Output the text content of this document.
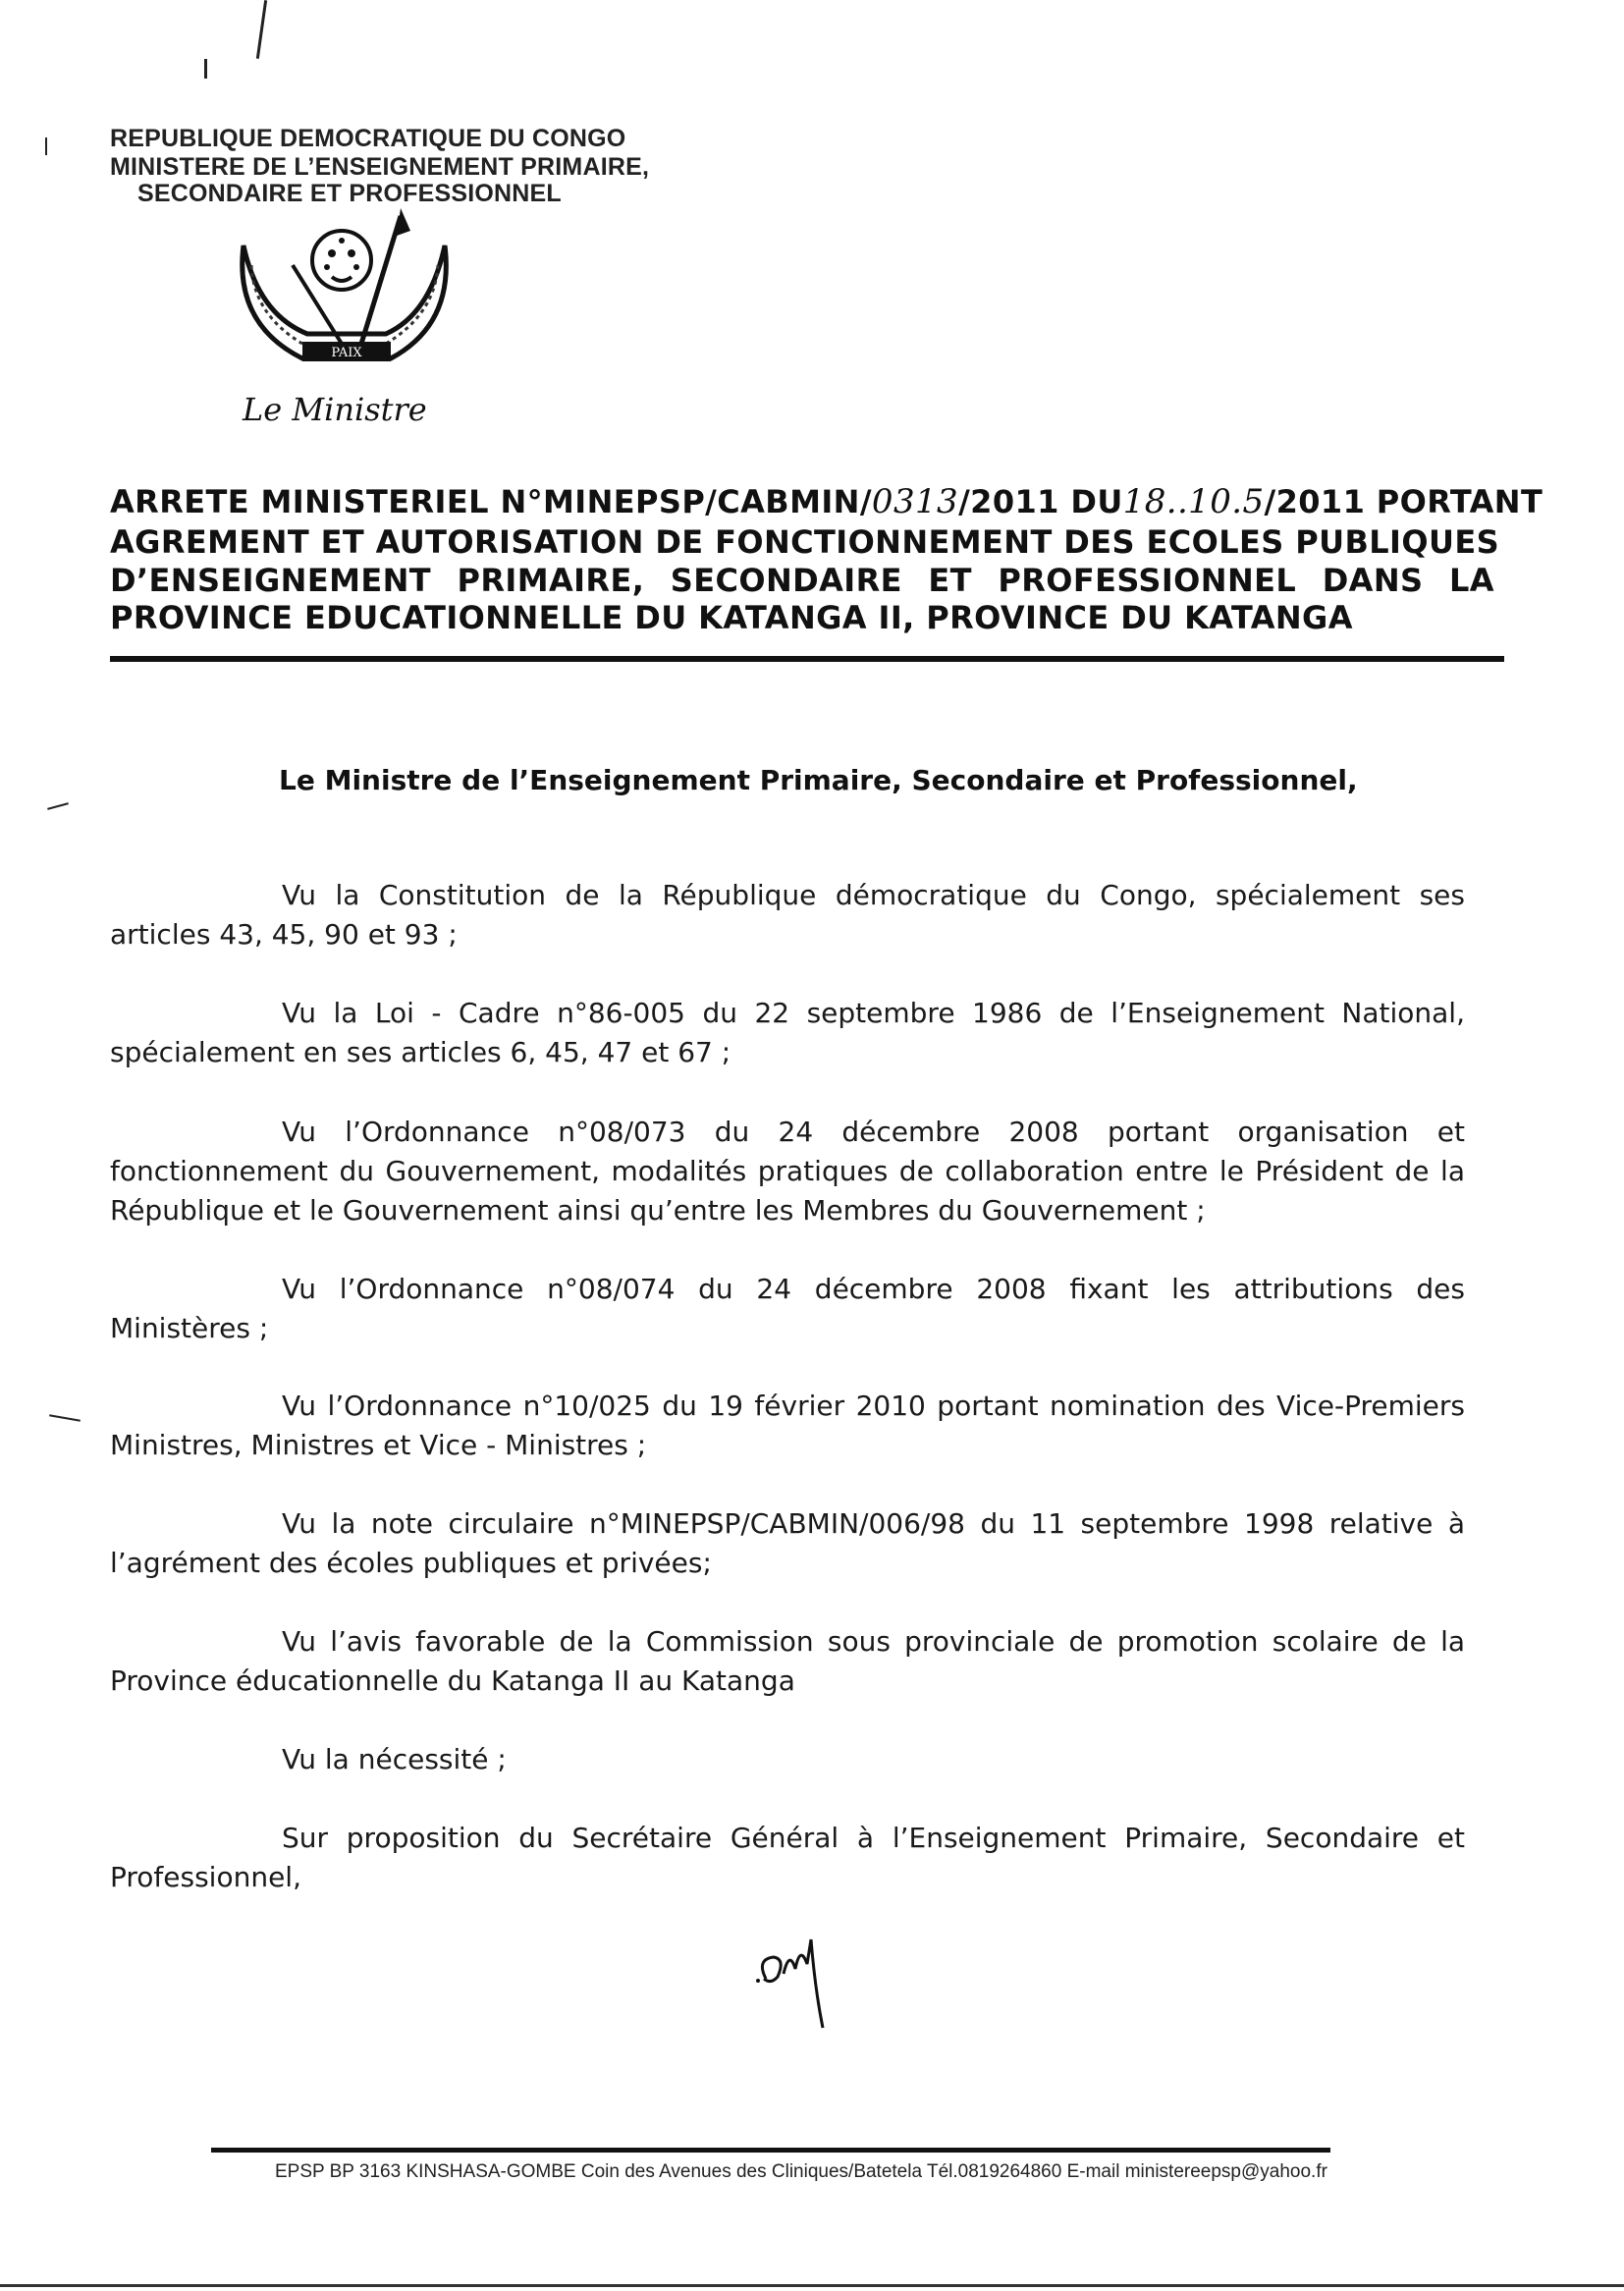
REPUBLIQUE DEMOCRATIQUE DU CONGO
MINISTERE DE L’ENSEIGNEMENT PRIMAIRE,
SECONDAIRE ET PROFESSIONNEL
PAIX
Le Ministre
ARRETE MINISTERIEL N°MINEPSP/CABMIN/0313/2011 DU18..10.5/2011 PORTANT
AGREMENT ET AUTORISATION DE FONCTIONNEMENT DES ECOLES PUBLIQUES
D’ENSEIGNEMENT PRIMAIRE, SECONDAIRE ET PROFESSIONNEL DANS LA
PROVINCE EDUCATIONNELLE DU KATANGA II, PROVINCE DU KATANGA
Le Ministre de l’Enseignement Primaire, Secondaire et Professionnel,
Vu la Constitution de la République démocratique du Congo, spécialement ses articles 43, 45, 90 et 93 ;
Vu la Loi - Cadre n°86-005 du 22 septembre 1986 de l’Enseignement National, spécialement en ses articles 6, 45, 47 et 67 ;
Vu l’Ordonnance n°08/073 du 24 décembre 2008 portant organisation et fonctionnement du Gouvernement, modalités pratiques de collaboration entre le Président de la République et le Gouvernement ainsi qu’entre les Membres du Gouvernement ;
Vu l’Ordonnance n°08/074 du 24 décembre 2008 fixant les attributions des Ministères ;
Vu l’Ordonnance n°10/025 du 19 février 2010 portant nomination des Vice-Premiers Ministres, Ministres et Vice - Ministres ;
Vu la note circulaire n°MINEPSP/CABMIN/006/98 du 11 septembre 1998 relative à l’agrément des écoles publiques et privées;
Vu l’avis favorable de la Commission sous provinciale de promotion scolaire de la Province éducationnelle du Katanga II au Katanga
Vu la nécessité ;
Sur proposition du Secrétaire Général à l’Enseignement Primaire, Secondaire et Professionnel,
EPSP BP 3163 KINSHASA-GOMBE Coin des Avenues des Cliniques/Batetela Tél.0819264860 E-mail ministereepsp@yahoo.fr
